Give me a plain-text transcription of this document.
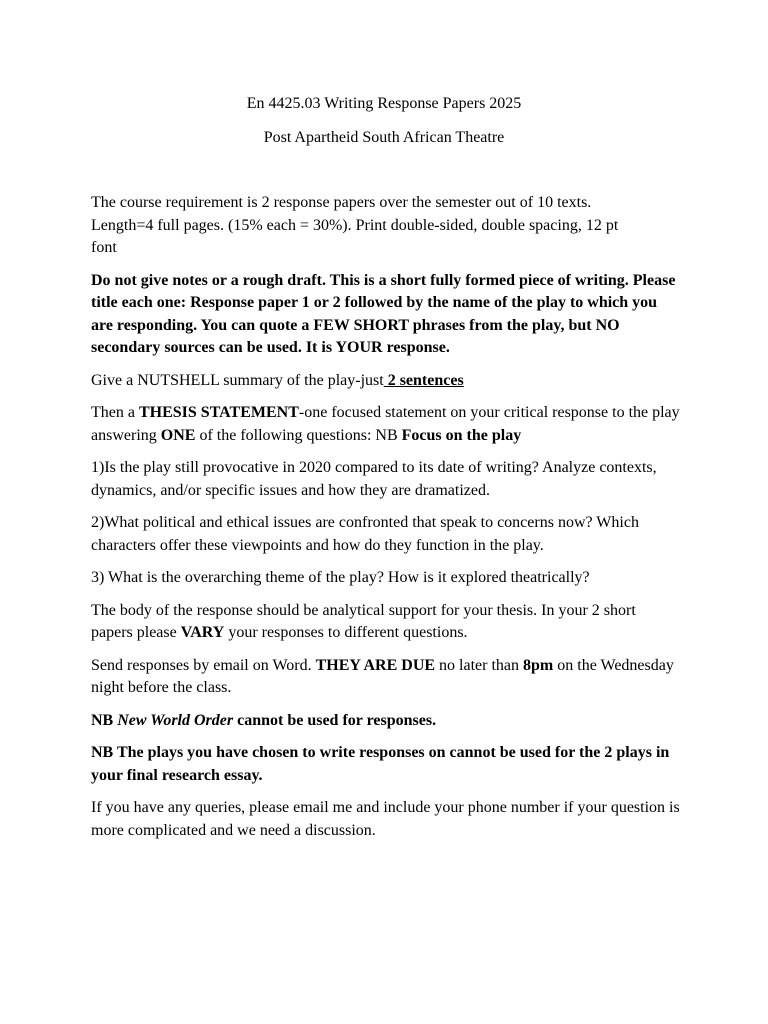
En 4425.03 Writing Response Papers 2025

Post Apartheid South African Theatre

The course requirement is 2 response papers over the semester out of 10 texts.
Length=4 full pages. (15% each = 30%). Print double-sided, double spacing, 12 pt
font

Do not give notes or a rough draft. This is a short fully formed piece of writing. Please title each one: Response paper 1 or 2 followed by the name of the play to which you are responding. You can quote a FEW SHORT phrases from the play, but NO secondary sources can be used. It is YOUR response.

Give a NUTSHELL summary of the play-just 2 sentences

Then a THESIS STATEMENT-one focused statement on your critical response to the play answering ONE of the following questions: NB Focus on the play

1)Is the play still provocative in 2020 compared to its date of writing? Analyze contexts, dynamics, and/or specific issues and how they are dramatized.

2)What political and ethical issues are confronted that speak to concerns now? Which characters offer these viewpoints and how do they function in the play.

3) What is the overarching theme of the play? How is it explored theatrically?

The body of the response should be analytical support for your thesis. In your 2 short papers please VARY your responses to different questions.

Send responses by email on Word. THEY ARE DUE no later than 8pm on the Wednesday night before the class.

NB New World Order cannot be used for responses.

NB The plays you have chosen to write responses on cannot be used for the 2 plays in your final research essay.

If you have any queries, please email me and include your phone number if your question is more complicated and we need a discussion.
